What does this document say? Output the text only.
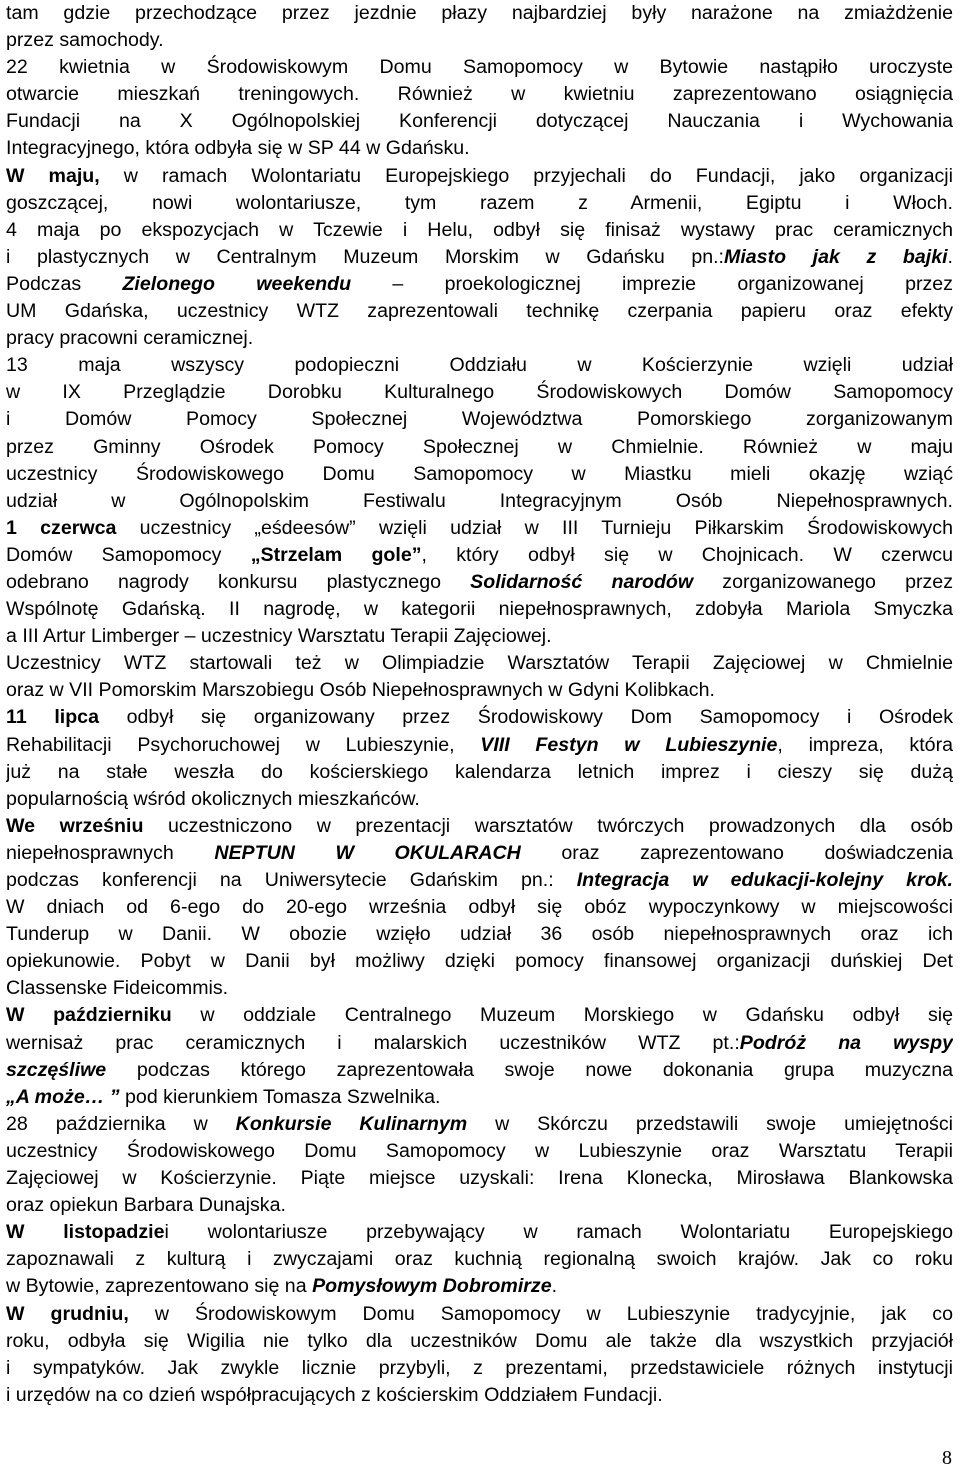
tam gdzie przechodzące przez jezdnie płazy najbardziej były narażone na zmiażdżenie
przez samochody.
22 kwietnia w Środowiskowym Domu Samopomocy w Bytowie nastąpiło uroczyste
otwarcie mieszkań treningowych. Również w kwietniu zaprezentowano osiągnięcia
Fundacji na X Ogólnopolskiej Konferencji dotyczącej Nauczania i Wychowania
Integracyjnego, która odbyła się w SP 44 w Gdańsku.
W maju, w ramach Wolontariatu Europejskiego przyjechali do Fundacji, jako organizacji
goszczącej, nowi wolontariusze, tym razem z Armenii, Egiptu i Włoch.
4 maja po ekspozycjach w Tczewie i Helu, odbył się finisaż wystawy prac ceramicznych
i plastycznych w Centralnym Muzeum Morskim w Gdańsku pn.:Miasto jak z bajki.
Podczas Zielonego weekendu – proekologicznej imprezie organizowanej przez
UM Gdańska, uczestnicy WTZ zaprezentowali technikę czerpania papieru oraz efekty
pracy pracowni ceramicznej.
13 maja wszyscy podopieczni Oddziału w Kościerzynie wzięli udział
w IX Przeglądzie Dorobku Kulturalnego Środowiskowych Domów Samopomocy
i Domów Pomocy Społecznej Województwa Pomorskiego zorganizowanym
przez Gminny Ośrodek Pomocy Społecznej w Chmielnie. Również w maju
uczestnicy Środowiskowego Domu Samopomocy w Miastku mieli okazję wziąć
udział w Ogólnopolskim Festiwalu Integracyjnym Osób Niepełnosprawnych.
1 czerwca uczestnicy „eśdeesów” wzięli udział w III Turnieju Piłkarskim Środowiskowych
Domów Samopomocy „Strzelam gole”, który odbył się w Chojnicach. W czerwcu
odebrano nagrody konkursu plastycznego Solidarność narodów zorganizowanego przez
Wspólnotę Gdańską. II nagrodę, w kategorii niepełnosprawnych, zdobyła Mariola Smyczka
a III Artur Limberger – uczestnicy Warsztatu Terapii Zajęciowej.
Uczestnicy WTZ startowali też w Olimpiadzie Warsztatów Terapii Zajęciowej w Chmielnie
oraz w VII Pomorskim Marszobiegu Osób Niepełnosprawnych w Gdyni Kolibkach.
11 lipca odbył się organizowany przez Środowiskowy Dom Samopomocy i Ośrodek
Rehabilitacji Psychoruchowej w Lubieszynie, VIII Festyn w Lubieszynie, impreza, która
już na stałe weszła do kościerskiego kalendarza letnich imprez i cieszy się dużą
popularnością wśród okolicznych mieszkańców.
We wrześniu uczestniczono w prezentacji warsztatów twórczych prowadzonych dla osób
niepełnosprawnych NEPTUN W OKULARACH oraz zaprezentowano doświadczenia
podczas konferencji na Uniwersytecie Gdańskim pn.: Integracja w edukacji-kolejny krok.
W dniach od 6-ego do 20-ego września odbył się obóz wypoczynkowy w miejscowości
Tunderup w Danii. W obozie wzięło udział 36 osób niepełnosprawnych oraz ich
opiekunowie. Pobyt w Danii był możliwy dzięki pomocy finansowej organizacji duńskiej Det
Classenske Fideicommis.
W październiku w oddziale Centralnego Muzeum Morskiego w Gdańsku odbył się
wernisaż prac ceramicznych i malarskich uczestników WTZ pt.:Podróż na wyspy
szczęśliwe podczas którego zaprezentowała swoje nowe dokonania grupa muzyczna
„A może… ” pod kierunkiem Tomasza Szwelnika.
28 października w Konkursie Kulinarnym w Skórczu przedstawili swoje umiejętności
uczestnicy Środowiskowego Domu Samopomocy w Lubieszynie oraz Warsztatu Terapii
Zajęciowej w Kościerzynie. Piąte miejsce uzyskali: Irena Klonecka, Mirosława Blankowska
oraz opiekun Barbara Dunajska.
W listopadziei wolontariusze przebywający w ramach Wolontariatu Europejskiego
zapoznawali z kulturą i zwyczajami oraz kuchnią regionalną swoich krajów. Jak co roku
w Bytowie, zaprezentowano się na Pomysłowym Dobromirze.
W grudniu, w Środowiskowym Domu Samopomocy w Lubieszynie tradycyjnie, jak co
roku, odbyła się Wigilia nie tylko dla uczestników Domu ale także dla wszystkich przyjaciół
i sympatyków. Jak zwykle licznie przybyli, z prezentami, przedstawiciele różnych instytucji
i urzędów na co dzień współpracujących z kościerskim Oddziałem Fundacji.
8
